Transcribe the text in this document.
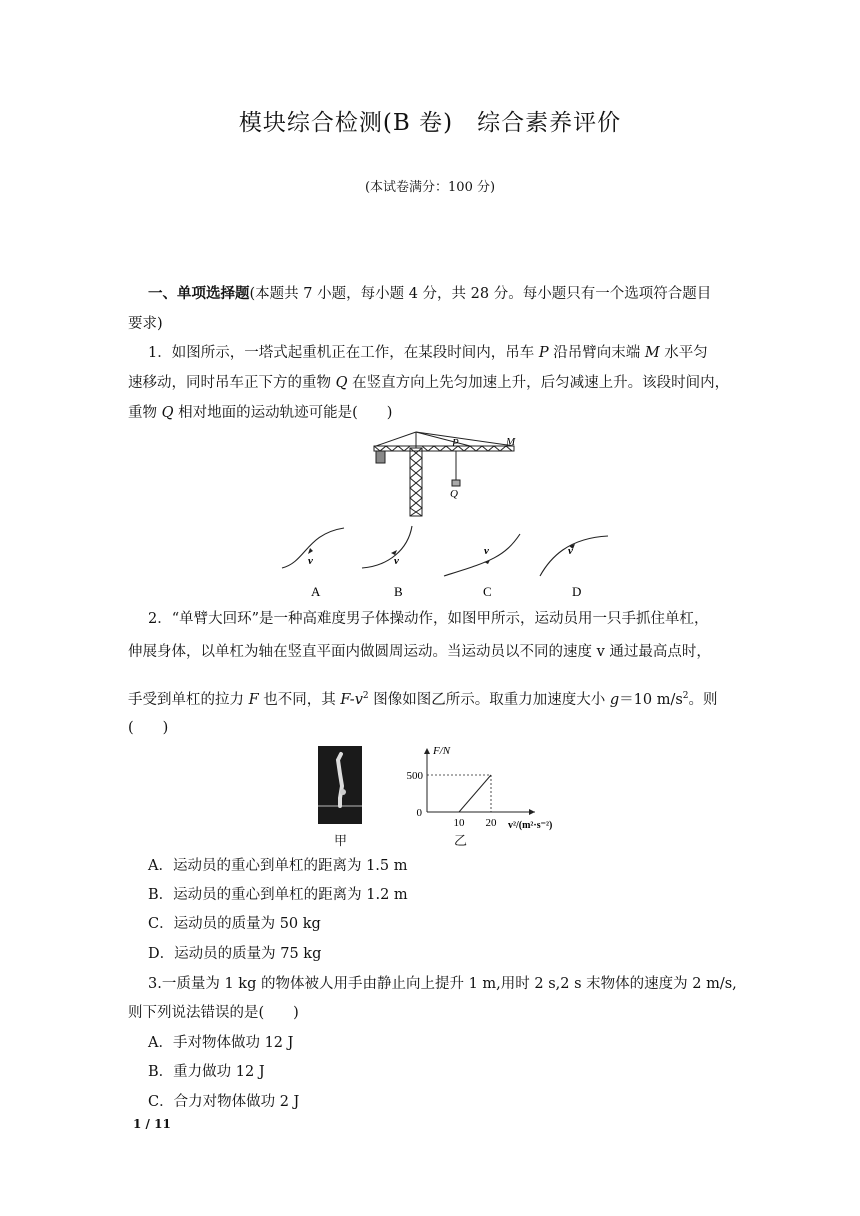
模块综合检测(B 卷)　综合素养评价
(本试卷满分：100 分)
一、单项选择题(本题共 7 小题，每小题 4 分，共 28 分。每小题只有一个选项符合题目
要求)
1．如图所示，一塔式起重机正在工作，在某段时间内，吊车 P 沿吊臂向末端 M 水平匀
速移动，同时吊车正下方的重物 Q 在竖直方向上先匀加速上升，后匀减速上升。该段时间内，
重物 Q 相对地面的运动轨迹可能是(　　)
P	M
Q
v	v
v	v
A	B	C	D
2．“单臂大回环”是一种高难度男子体操动作，如图甲所示，运动员用一只手抓住单杠，
伸展身体，以单杠为轴在竖直平面内做圆周运动。当运动员以不同的速度 v 通过最高点时，
手受到单杠的拉力 F 也不同，其 $F-v^2$ 图像如图乙所示。取重力加速度大小 g＝10 $m/s^2$。则
(　　)
甲
10 20
0
500
F/N
v²/(m²·s⁻²)
乙
A．运动员的重心到单杠的距离为 1.5 m
B．运动员的重心到单杠的距离为 1.2 m
C．运动员的质量为 50 kg
D．运动员的质量为 75 kg
3.一质量为 1 kg 的物体被人用手由静止向上提升 1 m,用时 2 s,2 s 末物体的速度为 2 m/s,
则下列说法错误的是(　　)
A．手对物体做功 12 J
B．重力做功 12 J
C．合力对物体做功 2 J
1 / 11
